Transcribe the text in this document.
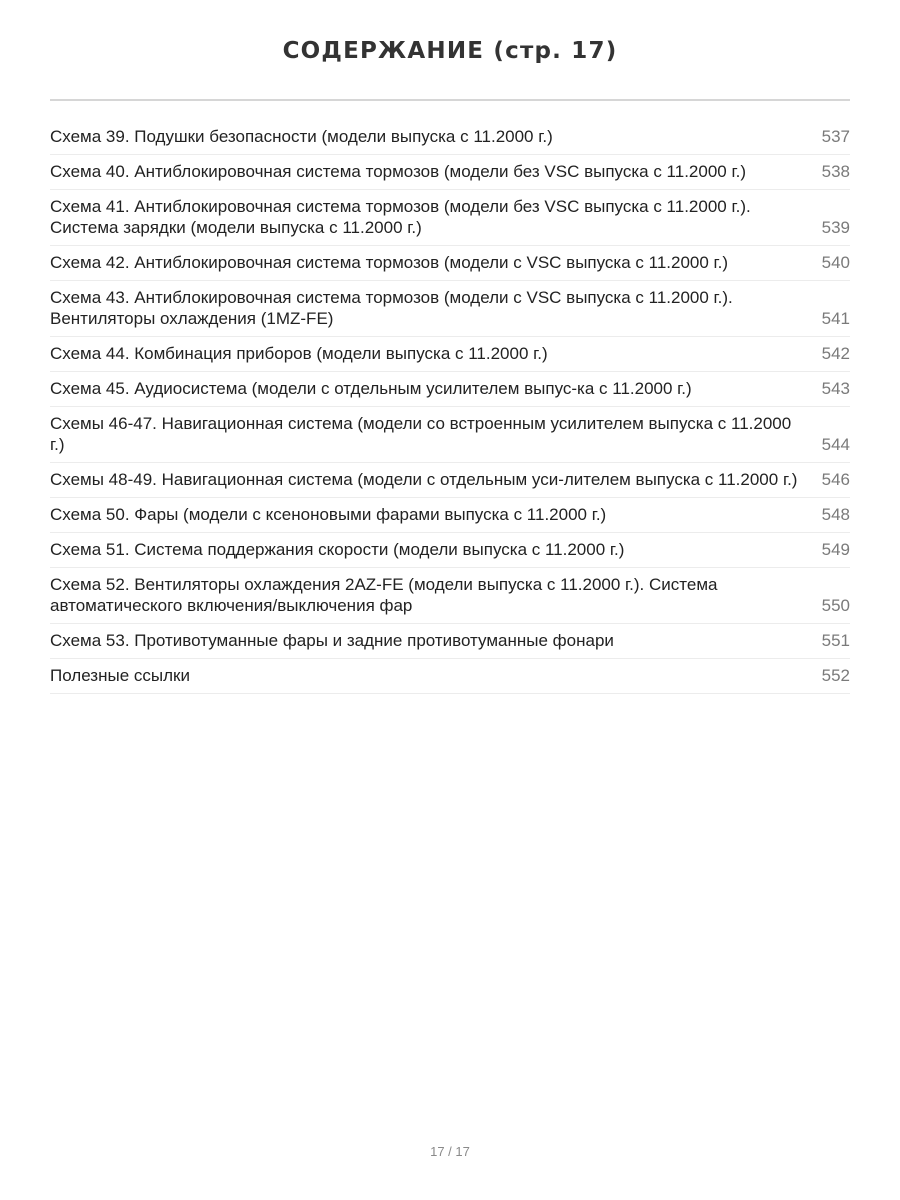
СОДЕРЖАНИЕ (стр. 17)
Схема 39. Подушки безопасности (модели выпуска с 11.2000 г.)	537
Схема 40. Антиблокировочная система тормозов (модели без VSC выпуска с 11.2000 г.)	538
Схема 41. Антиблокировочная система тормозов (модели без VSC выпуска с 11.2000 г.). Система зарядки (модели выпуска с 11.2000 г.)	539
Схема 42. Антиблокировочная система тормозов (модели с VSC выпуска с 11.2000 г.)	540
Схема 43. Антиблокировочная система тормозов (модели с VSC выпуска с 11.2000 г.). Вентиляторы охлаждения (1MZ-FE)	541
Схема 44. Комбинация приборов (модели выпуска с 11.2000 г.)	542
Схема 45. Аудиосистема (модели с отдельным усилителем выпус-ка с 11.2000 г.)	543
Схемы 46-47. Навигационная система (модели со встроенным усилителем выпуска с 11.2000 г.)	544
Схемы 48-49. Навигационная система (модели с отдельным уси-лителем выпуска с 11.2000 г.)	546
Схема 50. Фары (модели с ксеноновыми фарами выпуска с 11.2000 г.)	548
Схема 51. Система поддержания скорости (модели выпуска с 11.2000 г.)	549
Схема 52. Вентиляторы охлаждения 2AZ-FE (модели выпуска с 11.2000 г.). Система автоматического включения/выключения фар	550
Схема 53. Противотуманные фары и задние противотуманные фонари	551
Полезные ссылки	552
17 / 17
